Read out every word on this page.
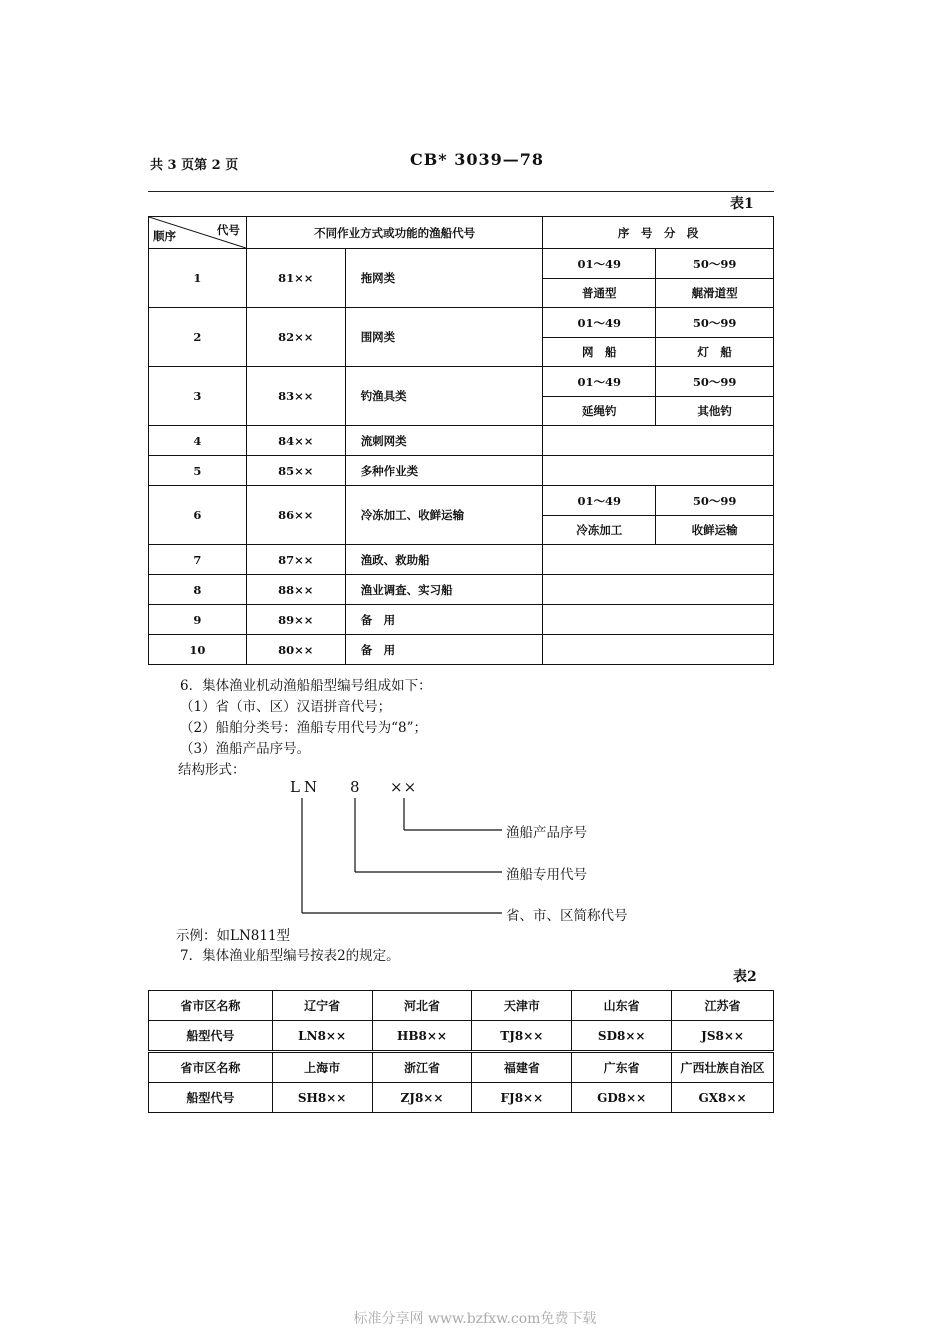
共 3 页第 2 页	CB* 3039—78
表1
代号
顺序	不同作业方式或功能的渔船代号		序　号　分　段	
1	81××	拖网类	01～49	50～99
			普通型	艉滑道型
2	82××	围网类	01～49	50～99
			网　船	灯　船
3	83××	钓渔具类	01～49	50～99
			延绳钓	其他钓
4	84××	流刺网类		
5	85××	多种作业类		
6	86××	冷冻加工、收鲜运输	01～49	50～99
			冷冻加工	收鲜运输
7	87××	渔政、救助船		
8	88××	渔业调查、实习船		
9	89××	备　用		
10	80××	备　用		
6．集体渔业机动渔船船型编号组成如下：
（1）省（市、区）汉语拼音代号；
（2）船舶分类号：渔船专用代号为“8”；
（3）渔船产品序号。
结构形式：
LN 8 ××
渔船产品序号
渔船专用代号
省、市、区简称代号
示例：如LN811型
7．集体渔业船型编号按表2的规定。
表2
省市区名称	辽宁省	河北省	天津市	山东省	江苏省
船型代号	LN8××	HB8××	TJ8××	SD8××	JS8××
省市区名称	上海市	浙江省	福建省	广东省	广西壮族自治区
船型代号	SH8××	ZJ8××	FJ8××	GD8××	GX8××
标准分享网 www.bzfxw.com免费下载
